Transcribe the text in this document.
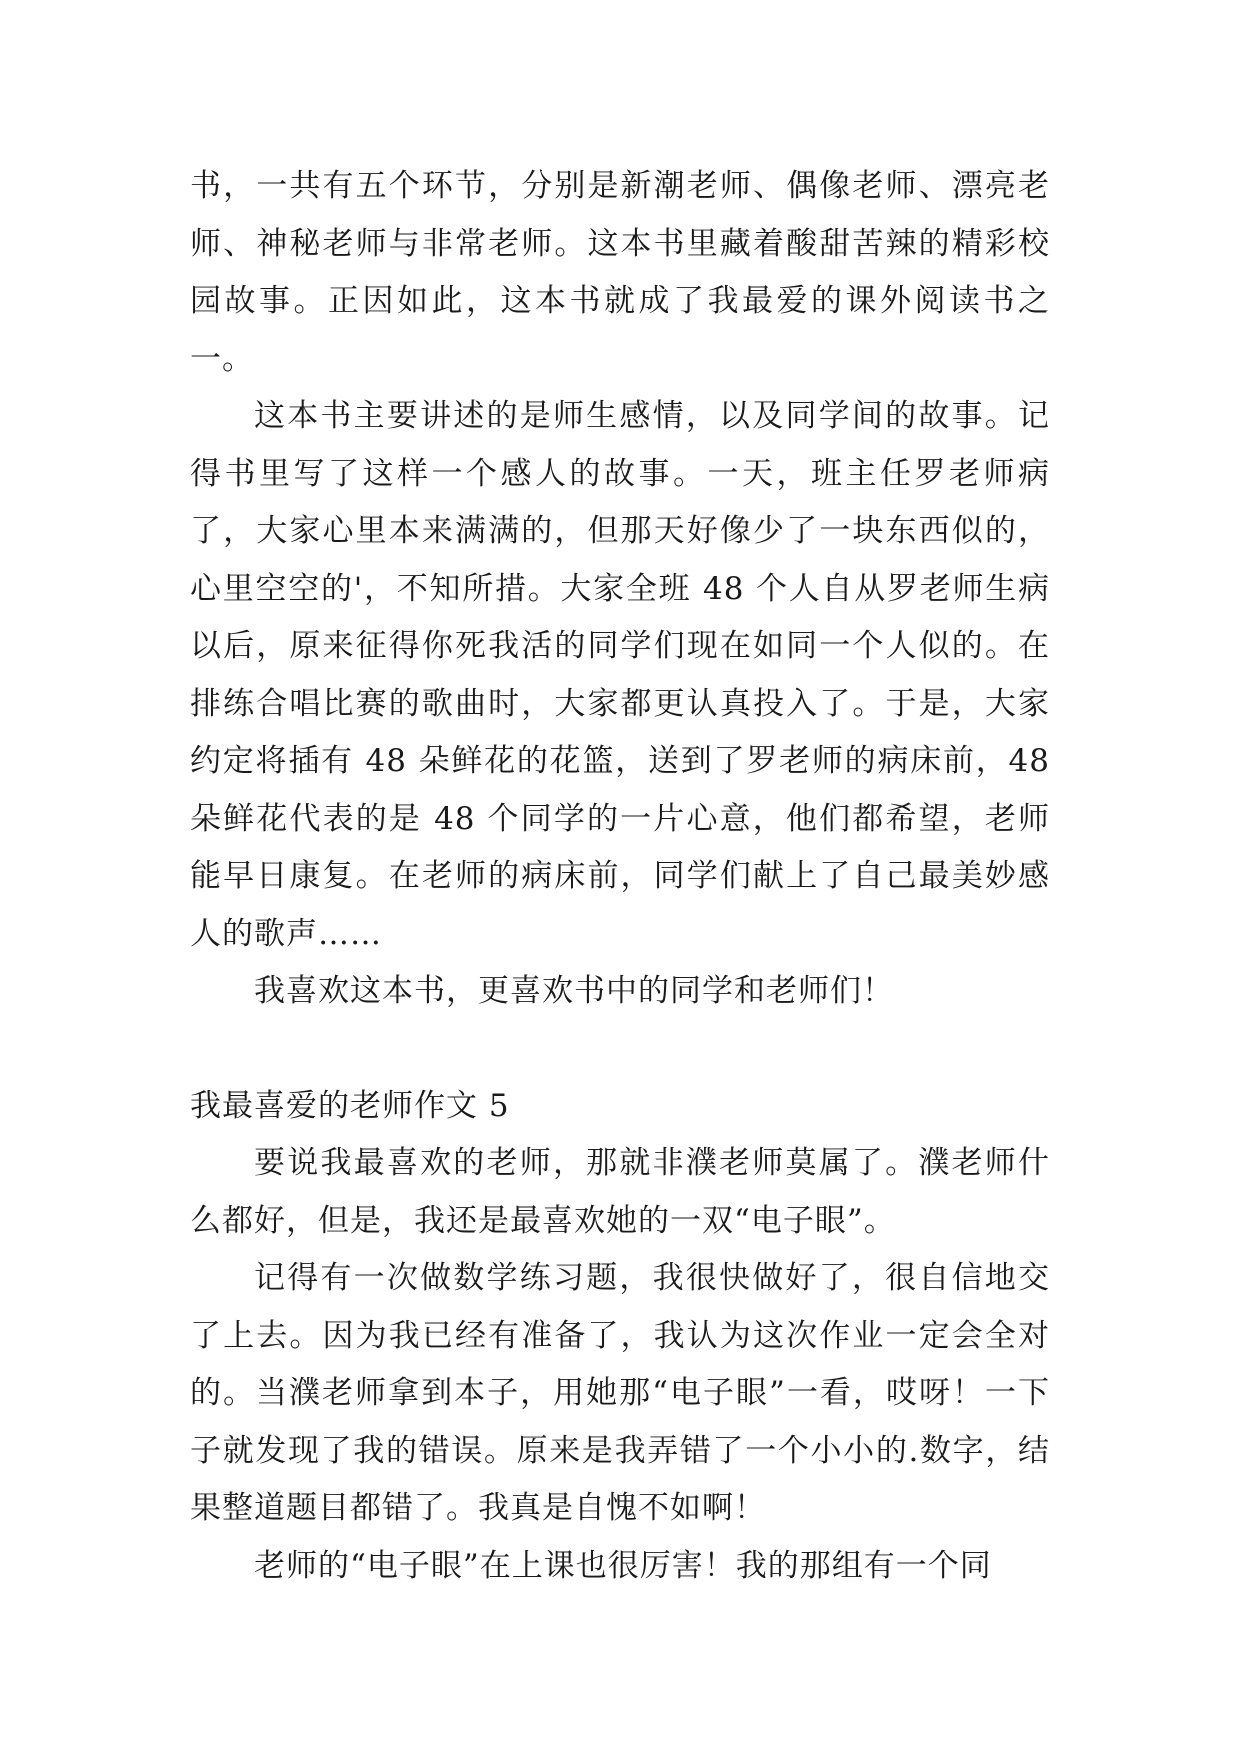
书，一共有五个环节，分别是新潮老师、偶像老师、漂亮老师、神秘老师与非常老师。这本书里藏着酸甜苦辣的精彩校园故事。正因如此，这本书就成了我最爱的课外阅读书之一。

这本书主要讲述的是师生感情，以及同学间的故事。记得书里写了这样一个感人的故事。一天，班主任罗老师病了，大家心里本来满满的，但那天好像少了一块东西似的，心里空空的'，不知所措。大家全班 48 个人自从罗老师生病以后，原来征得你死我活的同学们现在如同一个人似的。在排练合唱比赛的歌曲时，大家都更认真投入了。于是，大家约定将插有 48 朵鲜花的花篮，送到了罗老师的病床前，48 朵鲜花代表的是 48 个同学的一片心意，他们都希望，老师能早日康复。在老师的病床前，同学们献上了自己最美妙感人的歌声……

我喜欢这本书，更喜欢书中的同学和老师们！

我最喜爱的老师作文 5

要说我最喜欢的老师，那就非濮老师莫属了。濮老师什么都好，但是，我还是最喜欢她的一双“电子眼”。

记得有一次做数学练习题，我很快做好了，很自信地交了上去。因为我已经有准备了，我认为这次作业一定会全对的。当濮老师拿到本子，用她那“电子眼”一看，哎呀！一下子就发现了我的错误。原来是我弄错了一个小小的.数字，结果整道题目都错了。我真是自愧不如啊！

老师的“电子眼”在上课也很厉害！我的那组有一个同
